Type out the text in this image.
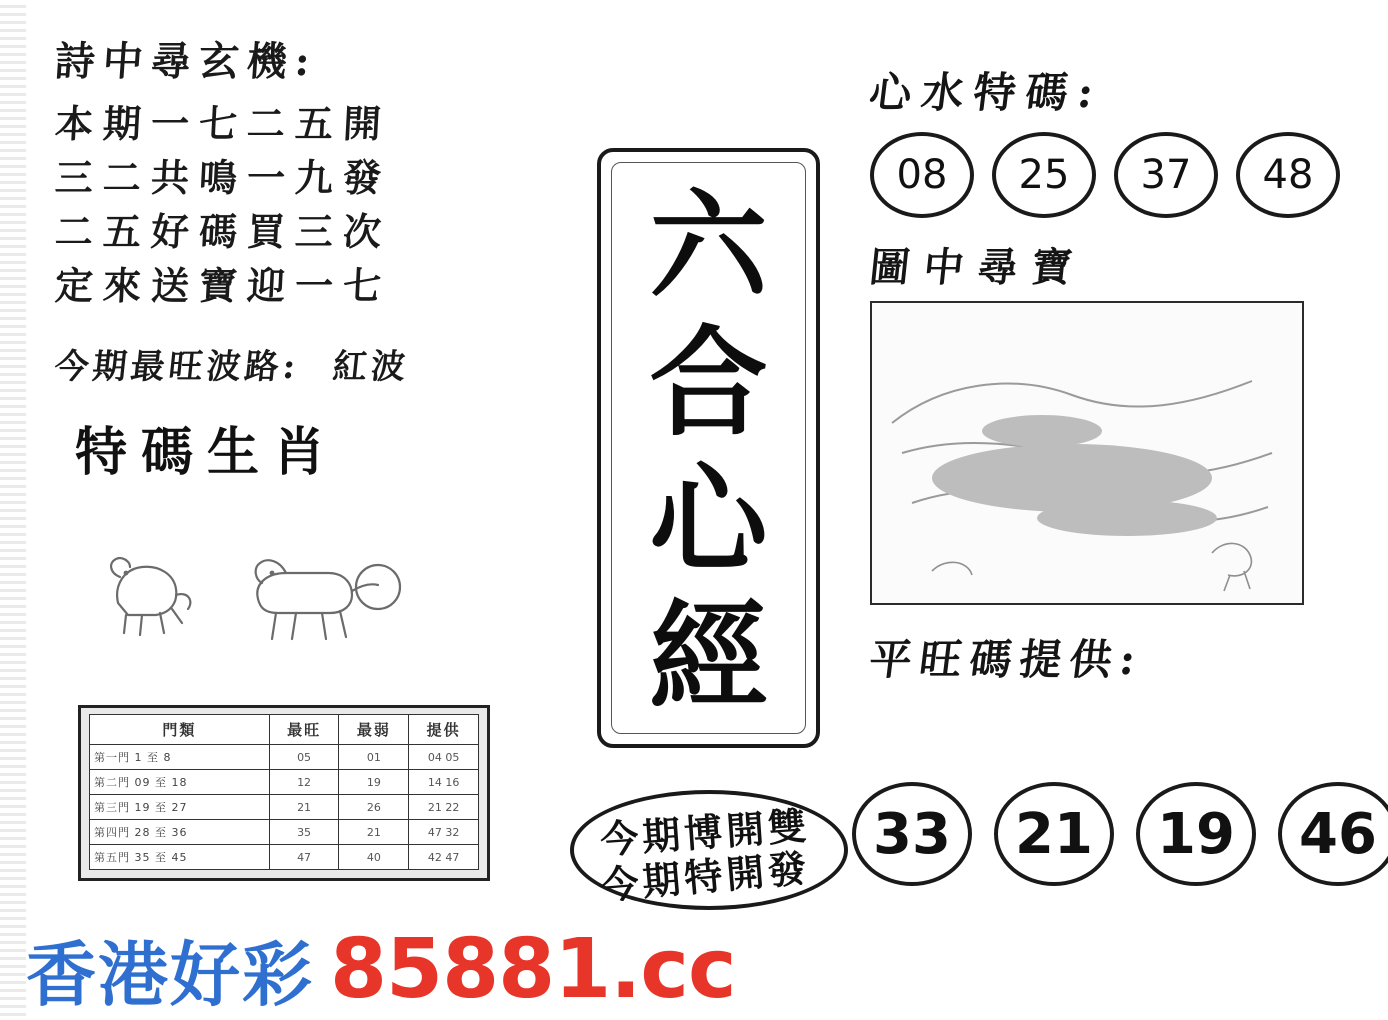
詩中尋玄機:
本期一七二五開
三二共鳴一九發
二五好碼買三次
定來送寶迎一七
今期最旺波路: 紅波
特碼生肖
門類	最旺	最弱	提供
第一門 1 至 8	05	01	04 05
第二門 09 至 18	12	19	14 16
第三門 19 至 27	21	26	21 22
第四門 28 至 36	35	21	47 32
第五門 35 至 45	47	40	42 47
六
合
心
經
今期博開雙
今期特開發
心水特碼:
08	25	37	48
圖中尋寶
平旺碼提供:
33	21	19	46
香港好彩 85881.cc
